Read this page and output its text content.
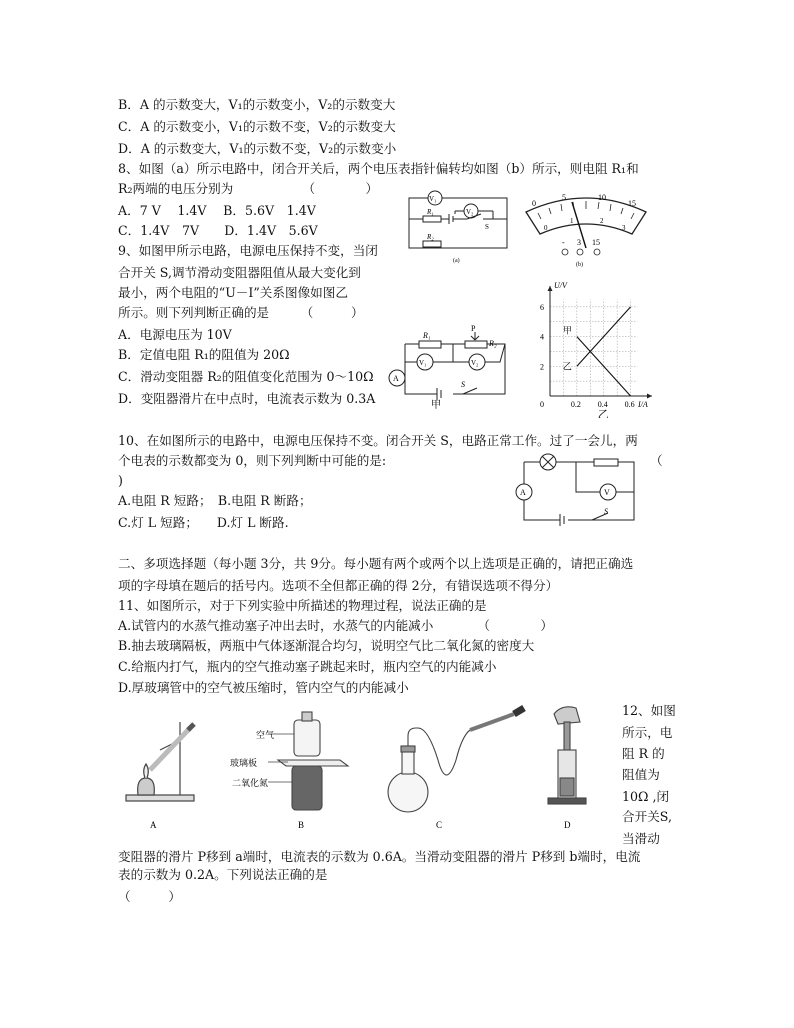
B．A 的示数变大，V₁的示数变小，V₂的示数变大
C．A 的示数变小，V₁的示数不变，V₂的示数变大
D．A 的示数变大，V₁的示数不变，V₂的示数变小
8、如图（a）所示电路中，闭合开关后，两个电压表指针偏转均如图（b）所示，则电阻 R₁和
R₂两端的电压分别为　　　　　　（　　　　）
A．7 V　 1.4V　 B．5.6V　1.4V
C．1.4V　7V　　D．1.4V　5.6V
9、如图甲所示电路，电源电压保持不变，当闭
合开关 S,调节滑动变阻器阻值从最大变化到
最小，两个电阻的“U－I”关系图像如图乙
所示。则下列判断正确的是　　　（　　　）
A．电源电压为 10V
B．定值电阻 R₁的阻值为 20Ω
C．滑动变阻器 R₂的阻值变化范围为 0～10Ω
D．变阻器滑片在中点时，电流表示数为 0.3A
10、在如图所示的电路中，电源电压保持不变。闭合开关 S，电路正常工作。过了一会儿，两
个电表的示数都变为 0，则下列判断中可能的是:	（
)
A.电阻 R 短路；　B.电阻 R 断路；
C.灯 L 短路；　　D.灯 L 断路.
二、多项选择题（每小题 3分，共 9分。每小题有两个或两个以上选项是正确的，请把正确选
项的字母填在题后的括号内。选项不全但都正确的得 2分，有错误选项不得分）
11、如图所示，对于下列实验中所描述的物理过程，说法正确的是
A.试管内的水蒸气推动塞子冲出去时，水蒸气的内能减小　　　　（　　　　）
B.抽去玻璃隔板，两瓶中气体逐渐混合均匀，说明空气比二氧化氮的密度大
C.给瓶内打气，瓶内的空气推动塞子跳起来时，瓶内空气的内能减小
D.厚玻璃管中的空气被压缩时，管内空气的内能减小
12、如图
所示，电
阻 R 的
阻值为
10Ω ,闭
合开关S,
当滑动
变阻器的滑片 P移到 a端时，电流表的示数为 0.6A。当滑动变阻器的滑片 P移到 b端时，电流
表的示数为 0.2A。下列说法正确的是
（　　　）
V₁
V₂
R₁
R₂
S
(a)
0
5	10
15
0
1	2
3
- 3 15
(b)
R₁
R₂
P
V₁	V₂
A
S
甲
甲
乙
0.2 0.4 0.6
2
4
6
0	I/A
U/V
乙
A	V
S
A
空气
玻璃板
二氧化氮
B	C	D
